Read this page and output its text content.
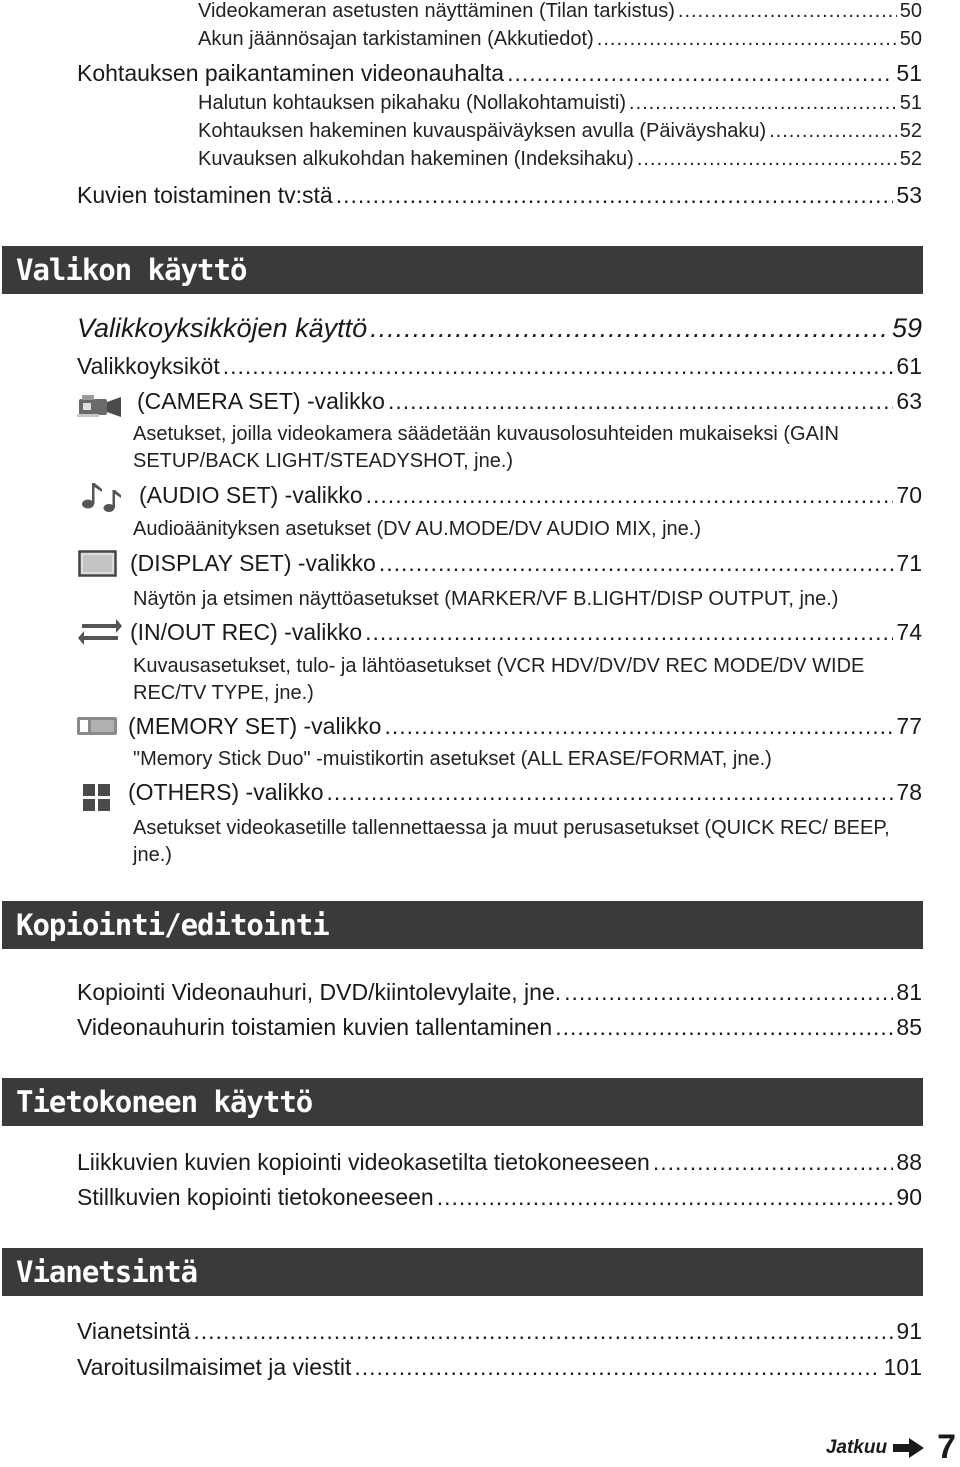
Videokameran asetusten näyttäminen (Tilan tarkistus) .....	50
Akun jäännösajan tarkistaminen (Akkutiedot) .....	50
Kohtauksen paikantaminen videonauhalta .....	51
Halutun kohtauksen pikahaku (Nollakohtamuisti) .....	51
Kohtauksen hakeminen kuvauspäiväyksen avulla (Päiväyshaku) .....	52
Kuvauksen alkukohdan hakeminen (Indeksihaku) .....	52
Kuvien toistaminen tv:stä .....	53
Valikon käyttö
Valikkoyksikköjen käyttö .....	59
Valikkoyksiköt .....	61
(CAMERA SET) -valikko .....	63
Asetukset, joilla videokamera säädetään kuvausolosuhteiden mukaiseksi (GAIN SETUP/BACK LIGHT/STEADYSHOT, jne.)
(AUDIO SET) -valikko .....	70
Audioäänityksen asetukset (DV AU.MODE/DV AUDIO MIX, jne.)
(DISPLAY SET) -valikko .....	71
Näytön ja etsimen näyttöasetukset (MARKER/VF B.LIGHT/DISP OUTPUT, jne.)
(IN/OUT REC) -valikko .....	74
Kuvausasetukset, tulo- ja lähtöasetukset (VCR HDV/DV/DV REC MODE/DV WIDE REC/TV TYPE, jne.)
(MEMORY SET) -valikko .....	77
"Memory Stick Duo" -muistikortin asetukset (ALL ERASE/FORMAT, jne.)
(OTHERS) -valikko .....	78
Asetukset videokasetille tallennettaessa ja muut perusasetukset (QUICK REC/ BEEP, jne.)
Kopiointi/editointi
Kopiointi Videonauhuri, DVD/kiintolevylaite, jne. .....	81
Videonauhurin toistamien kuvien tallentaminen .....	85
Tietokoneen käyttö
Liikkuvien kuvien kopiointi videokasetilta tietokoneeseen .....	88
Stillkuvien kopiointi tietokoneeseen .....	90
Vianetsintä
Vianetsintä .....	91
Varoitusilmaisimet ja viestit .....	101
Jatkuu 7
